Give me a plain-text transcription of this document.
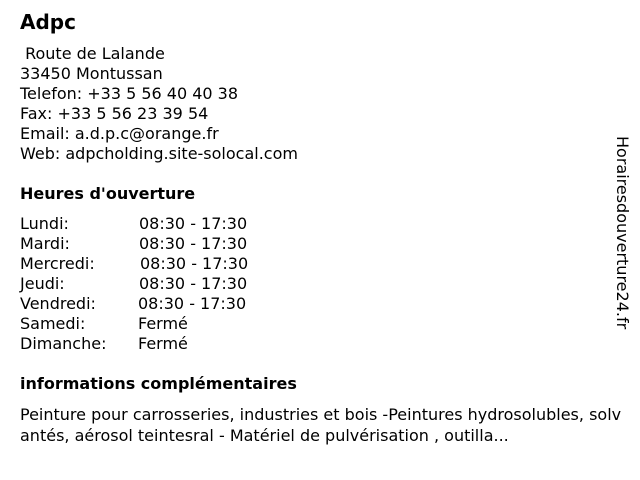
Adpc
Route de Lalande
33450 Montussan
Telefon: +33 5 56 40 40 38
Fax: +33 5 56 23 39 54
Email: a.d.p.c@orange.fr
Web: adpcholding.site-solocal.com
Heures d'ouverture
Lundi:	08:30 - 17:30
Mardi:	08:30 - 17:30
Mercredi:	08:30 - 17:30
Jeudi:	08:30 - 17:30
Vendredi:	08:30 - 17:30
Samedi:	Fermé
Dimanche: Fermé
informations complémentaires
Peinture pour carrosseries, industries et bois -Peintures hydrosolubles, solvantés, aérosol teintesral - Matériel de pulvérisation , outilla...
Horairesdouverture24.fr
